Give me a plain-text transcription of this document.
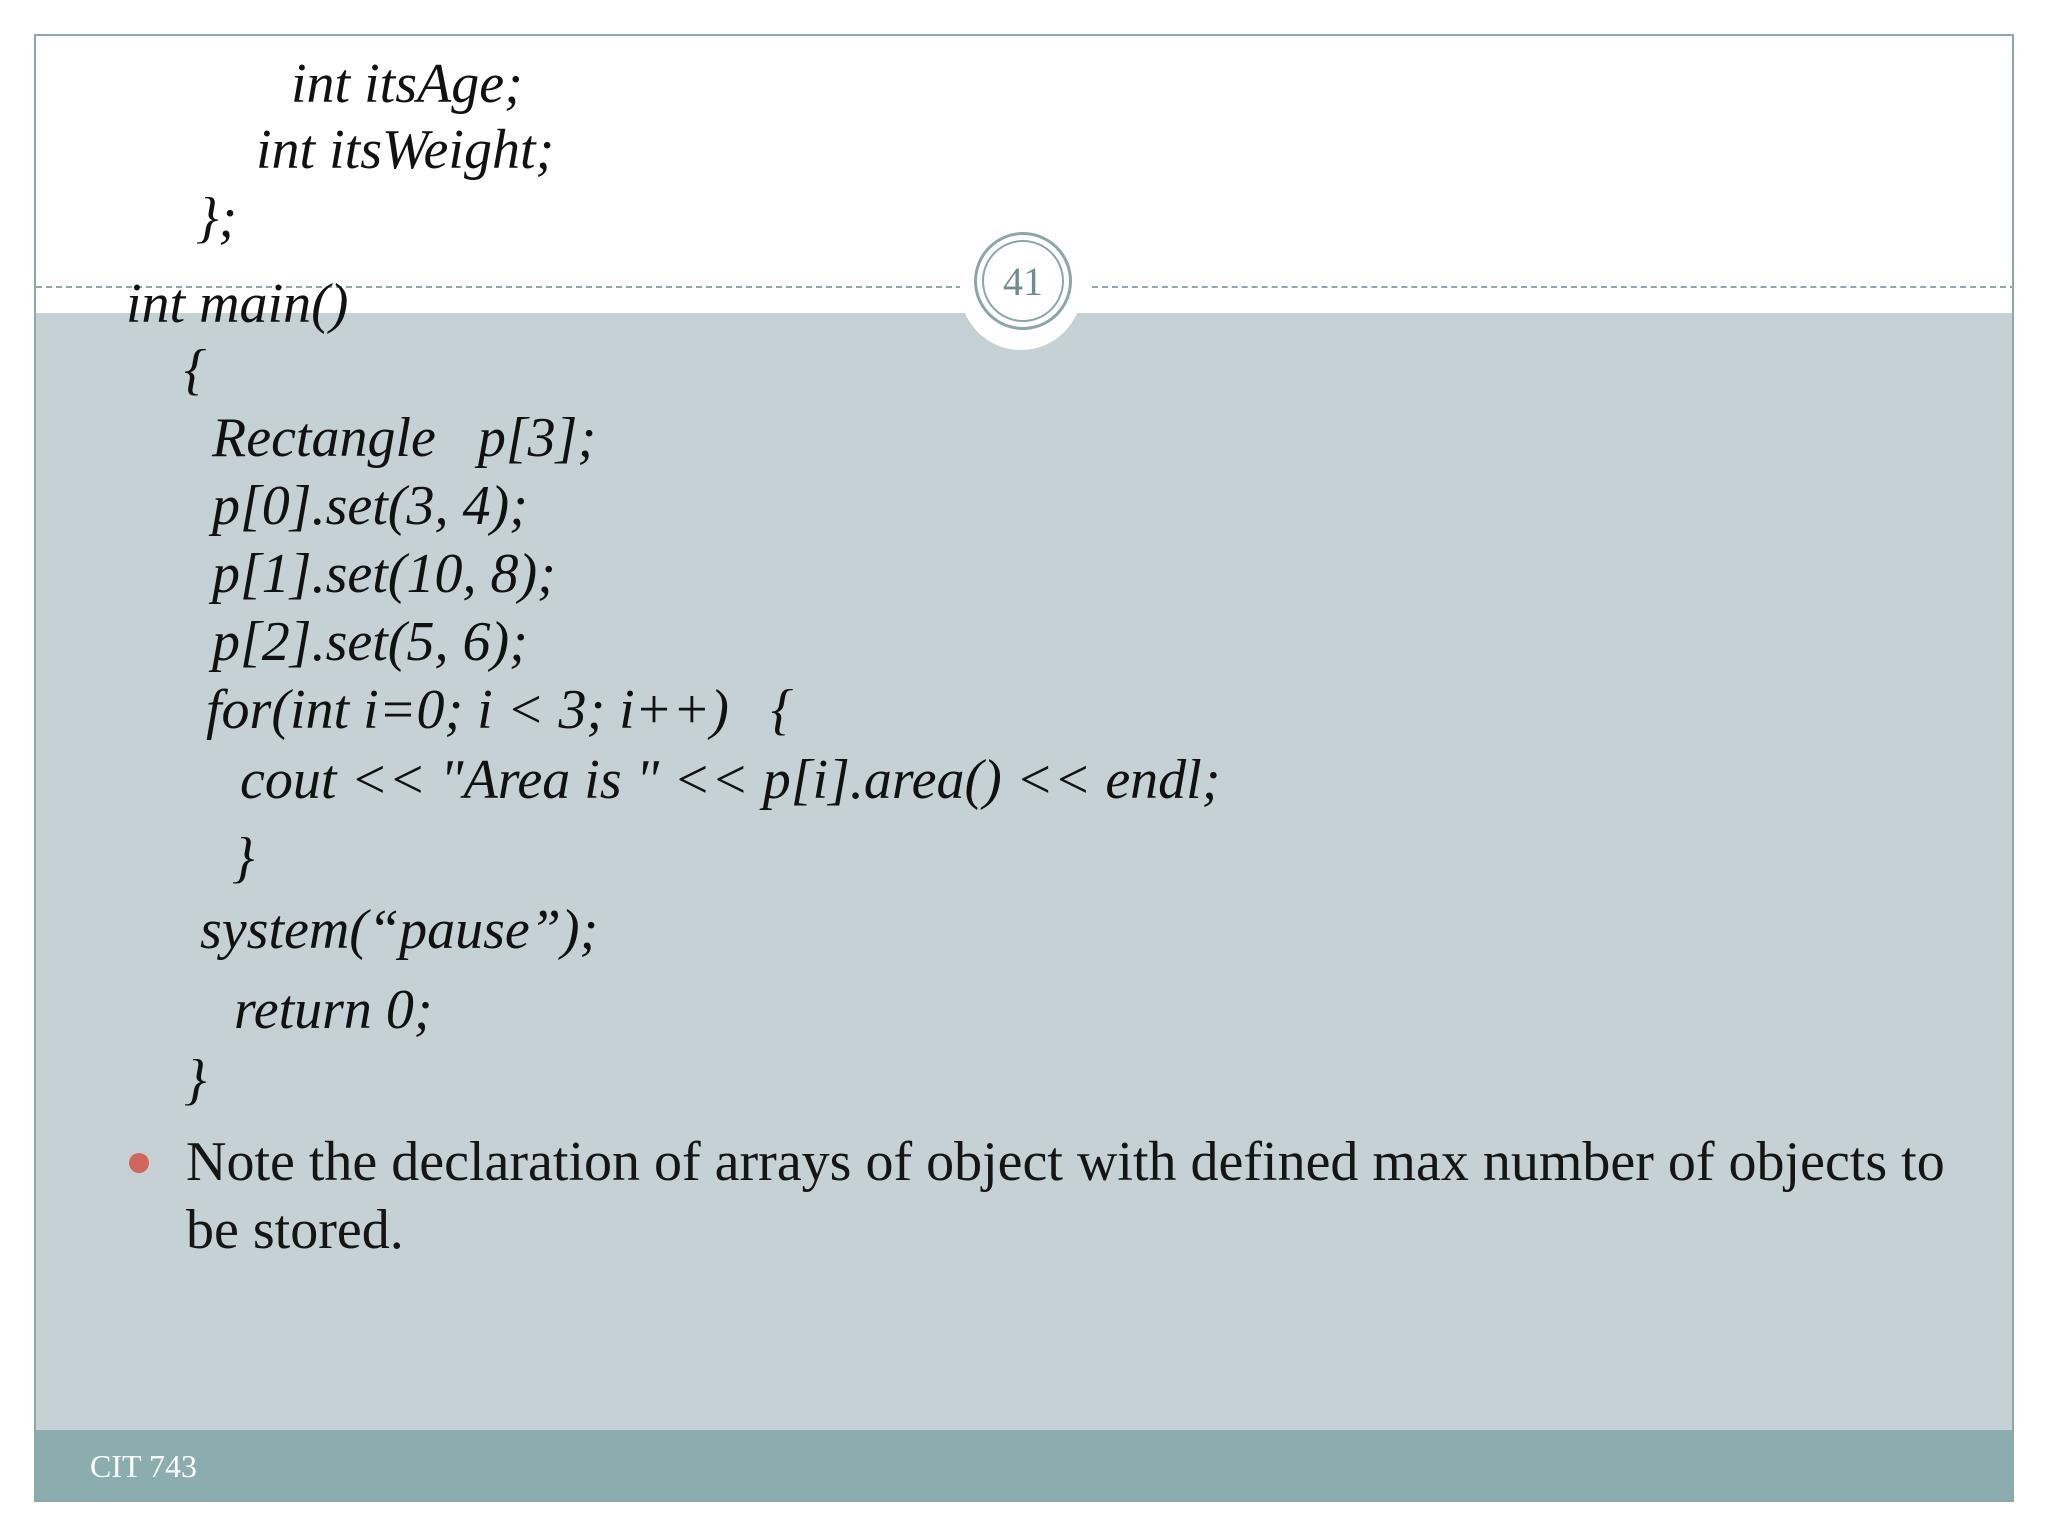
41
int itsAge;
int itsWeight;
};
int main()
{
Rectangle   p[3];
p[0].set(3, 4);
p[1].set(10, 8);
p[2].set(5, 6);
for(int i=0; i < 3; i++)   {
cout << "Area is " << p[i].area() << endl;
}
system(“pause”);
return 0;
}
Note the declaration of arrays of object with defined max number of objects to be stored.
CIT 743
